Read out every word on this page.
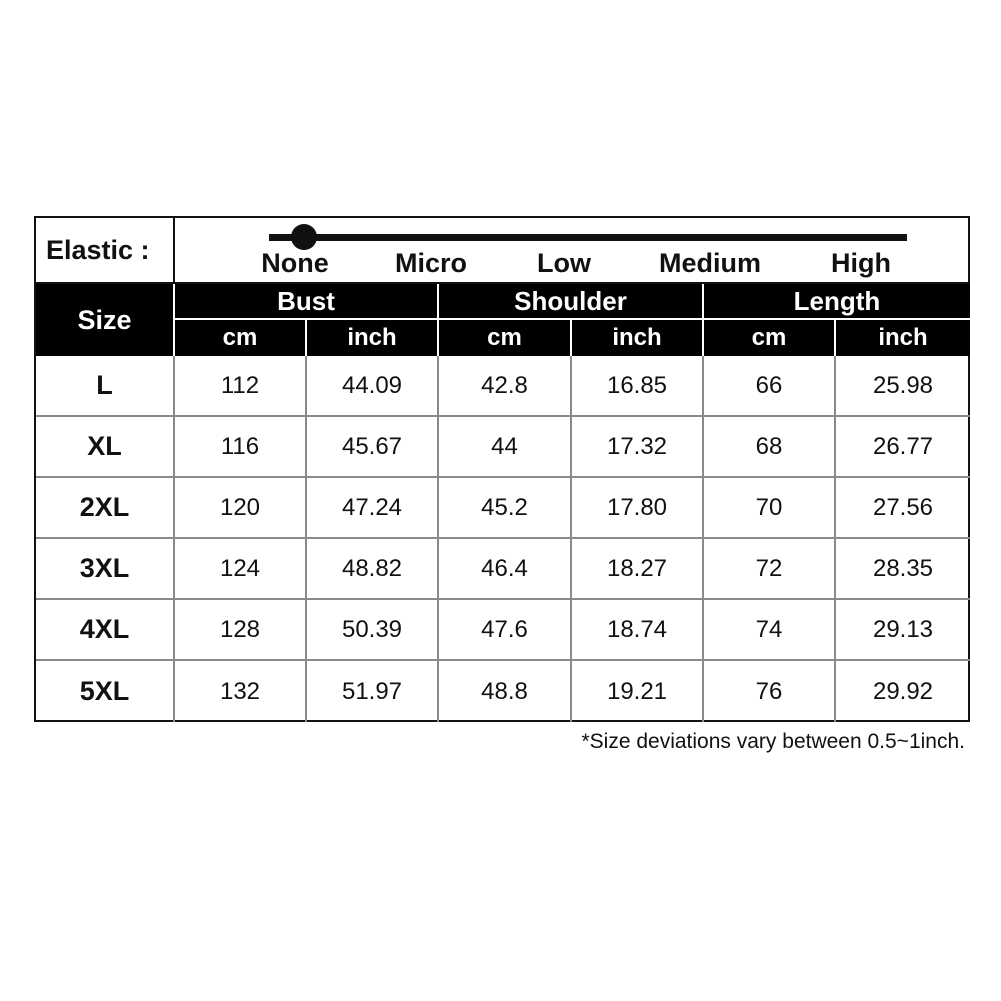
Elastic :	None Micro	Low	Medium	High
Size
Bust	Shoulder	Length
cm	inch	cm	inch	cm	inch
L	112	44.09	42.8	16.85	66	25.98
XL	116	45.67	44	17.32	68	26.77
2XL	120	47.24	45.2	17.80	70	27.56
3XL	124	48.82	46.4	18.27	72	28.35
4XL	128	50.39	47.6	18.74	74	29.13
5XL	132	51.97	48.8	19.21	76	29.92
*Size deviations vary between 0.5~1inch.
